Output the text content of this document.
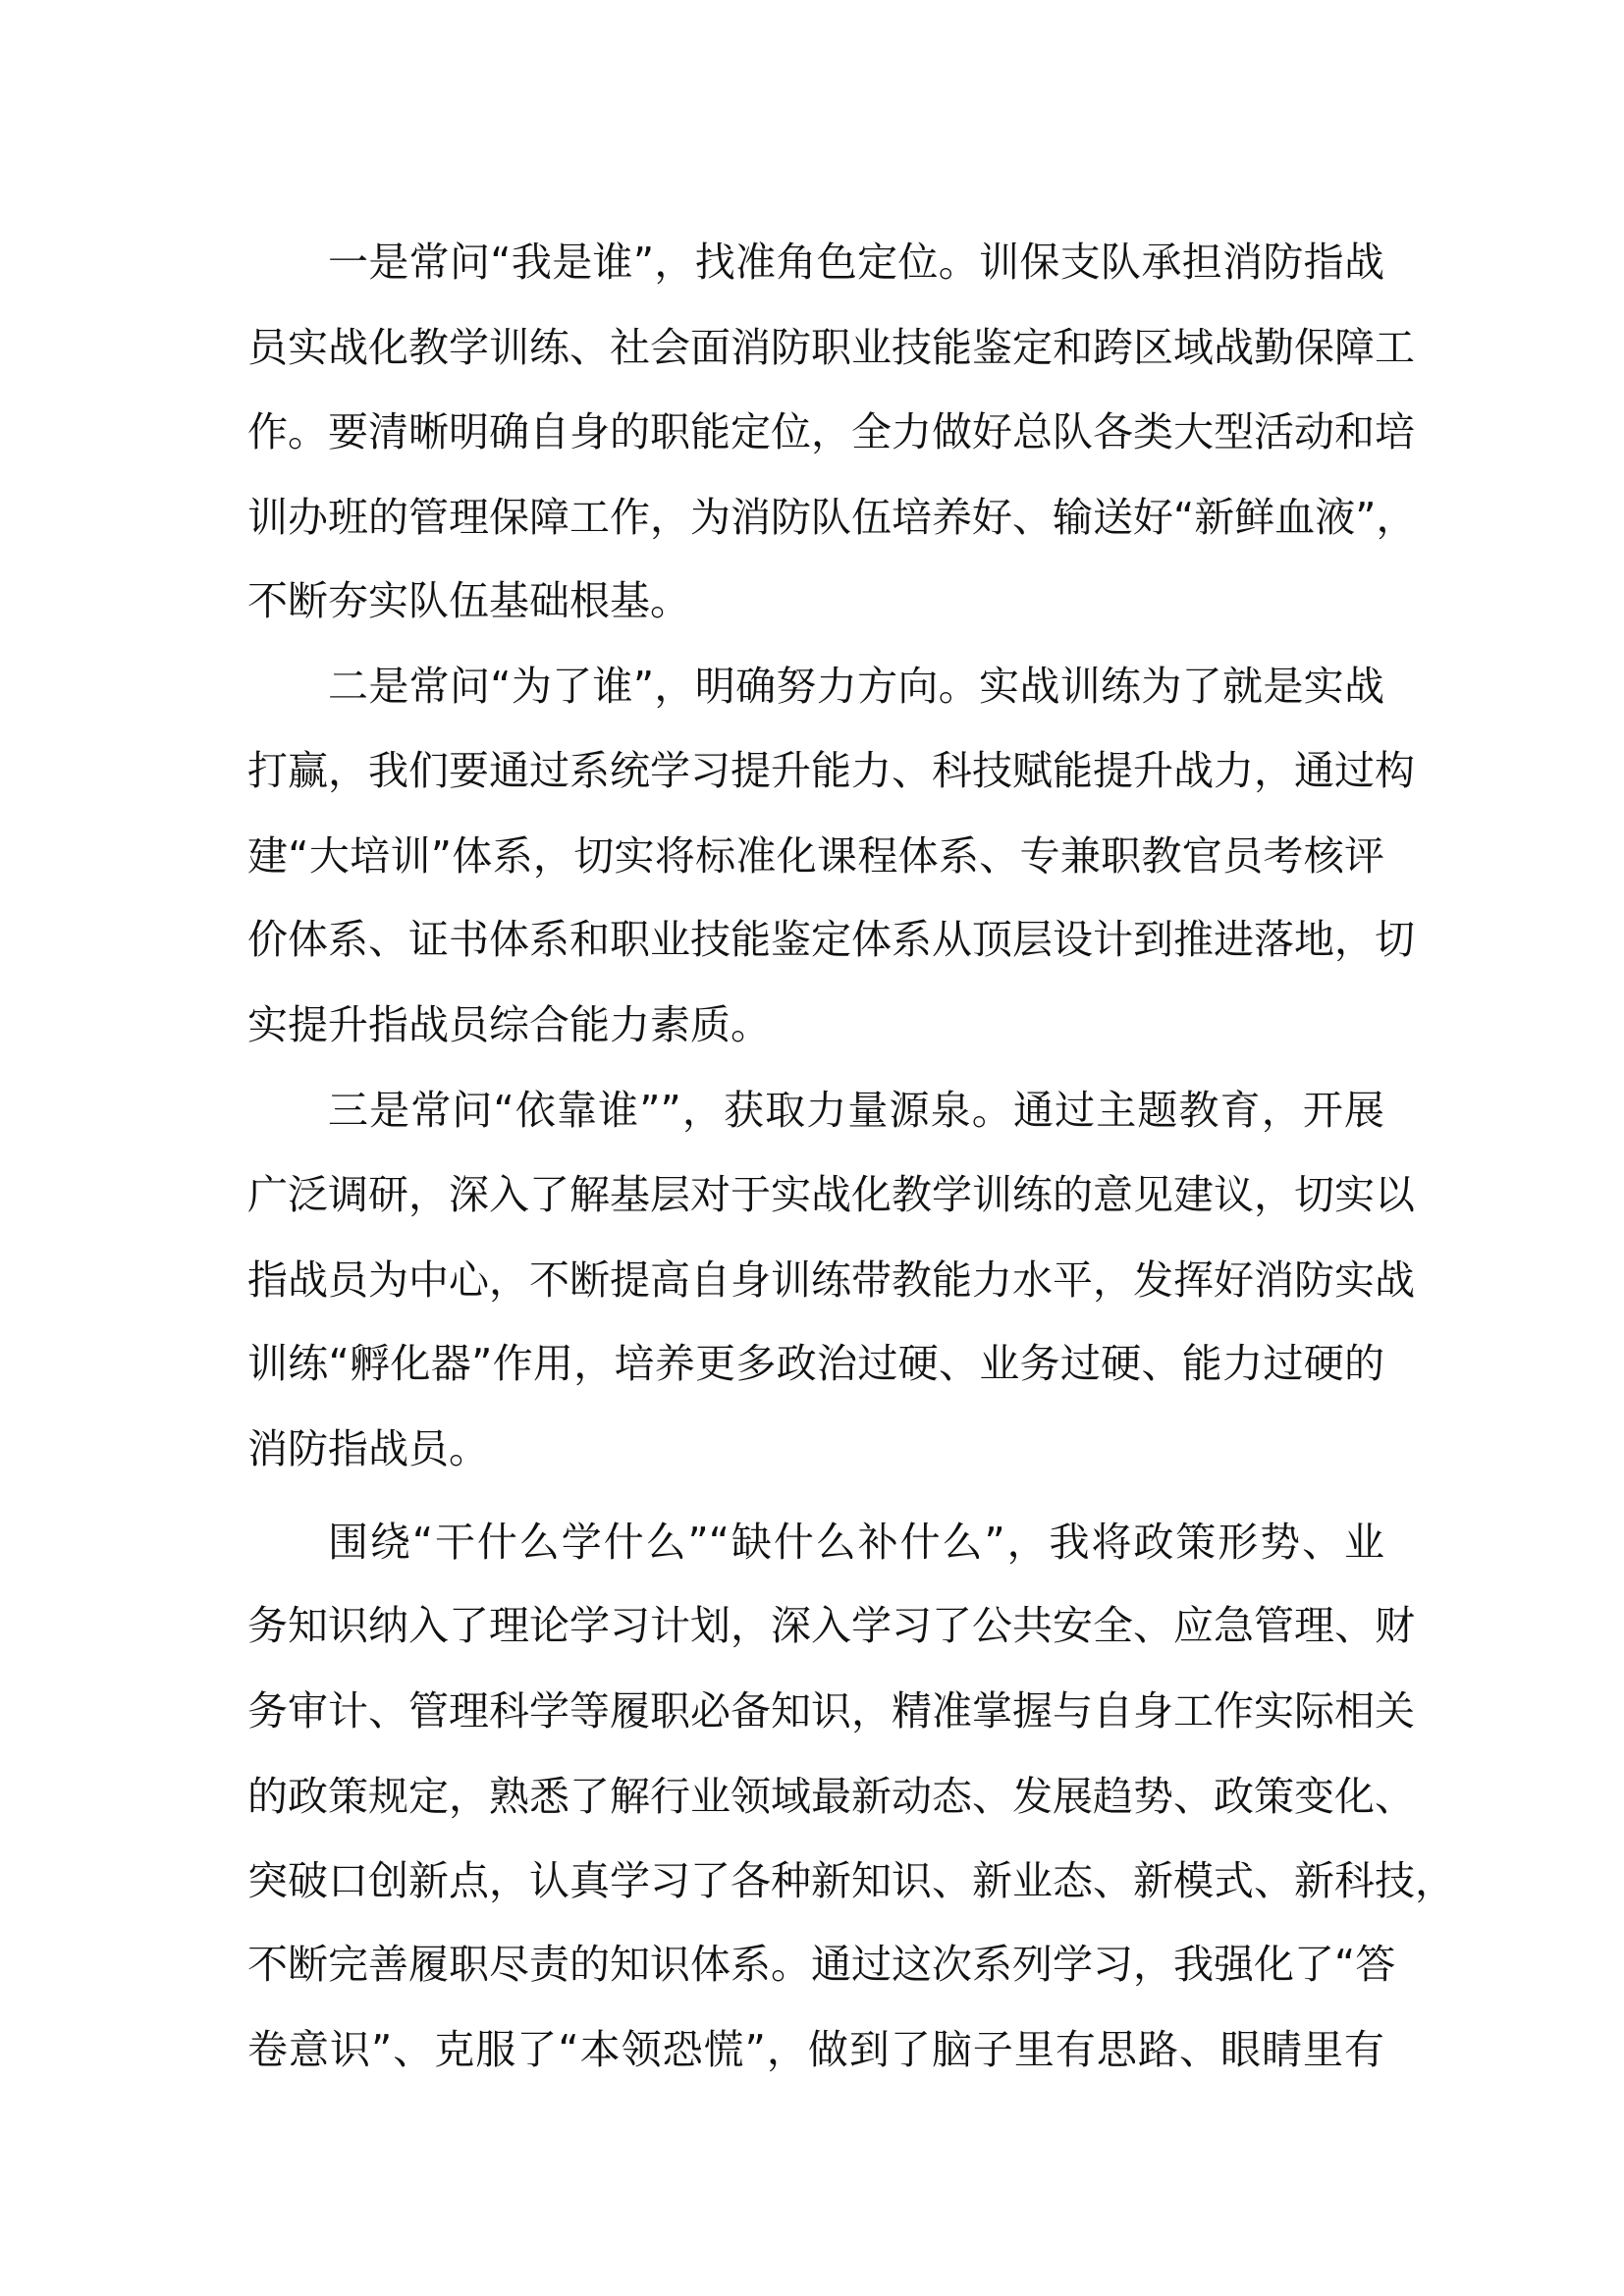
一是常问“我是谁”，找准角色定位。训保支队承担消防指战
员实战化教学训练、社会面消防职业技能鉴定和跨区域战勤保障工
作。要清晰明确自身的职能定位，全力做好总队各类大型活动和培
训办班的管理保障工作，为消防队伍培养好、输送好“新鲜血液”，
不断夯实队伍基础根基。
二是常问“为了谁”，明确努力方向。实战训练为了就是实战
打赢，我们要通过系统学习提升能力、科技赋能提升战力，通过构
建“大培训”体系，切实将标准化课程体系、专兼职教官员考核评
价体系、证书体系和职业技能鉴定体系从顶层设计到推进落地，切
实提升指战员综合能力素质。
三是常问“依靠谁””，获取力量源泉。通过主题教育，开展
广泛调研，深入了解基层对于实战化教学训练的意见建议，切实以
指战员为中心，不断提高自身训练带教能力水平，发挥好消防实战
训练“孵化器”作用，培养更多政治过硬、业务过硬、能力过硬的
消防指战员。
围绕“干什么学什么”“缺什么补什么”，我将政策形势、业
务知识纳入了理论学习计划，深入学习了公共安全、应急管理、财
务审计、管理科学等履职必备知识，精准掌握与自身工作实际相关
的政策规定，熟悉了解行业领域最新动态、发展趋势、政策变化、
突破口创新点，认真学习了各种新知识、新业态、新模式、新科技，
不断完善履职尽责的知识体系。通过这次系列学习，我强化了“答
卷意识”、克服了“本领恐慌”，做到了脑子里有思路、眼睛里有
